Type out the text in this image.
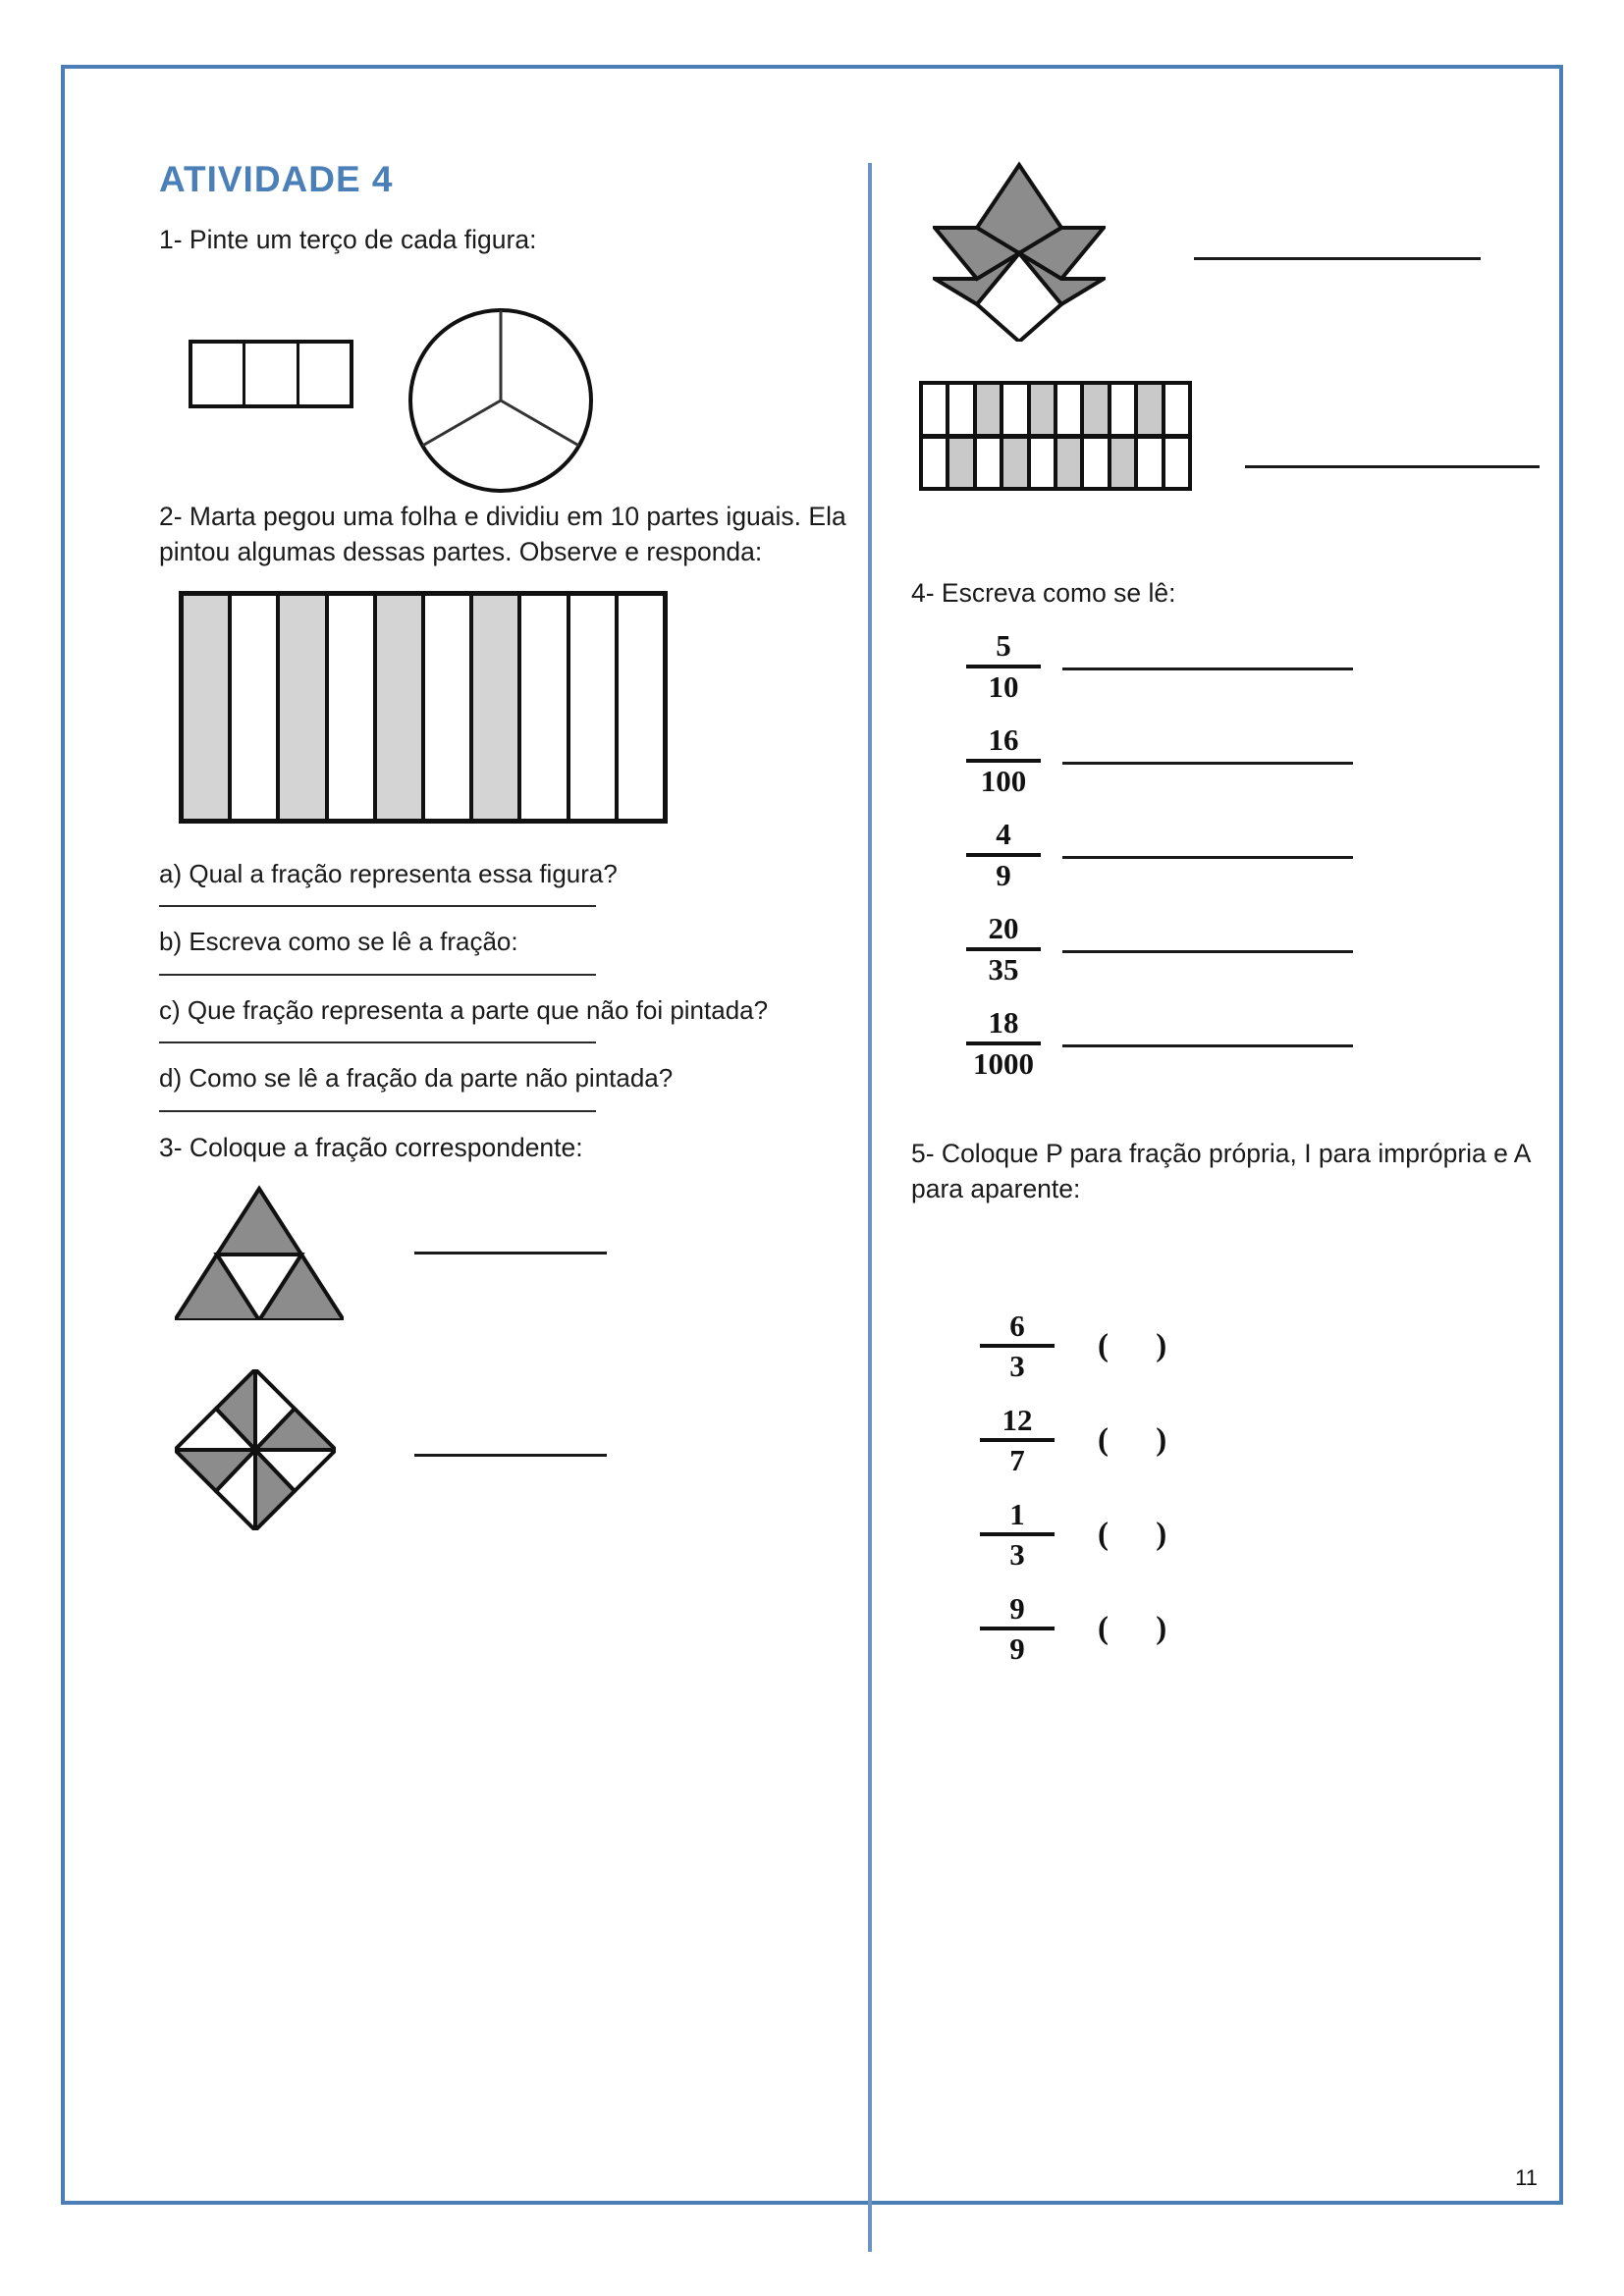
ATIVIDADE 4

1- Pinte um terço de cada figura:

2- Marta pegou uma folha e dividiu em 10 partes iguais. Ela pintou algumas dessas partes. Observe e responda:

a) Qual a fração representa essa figura?

b) Escreva como se lê a fração:

c) Que fração representa a parte que não foi pintada?

d) Como se lê a fração da parte não pintada?

3- Coloque a fração correspondente:

4- Escreva como se lê:

$\frac{5}{10}$
$\frac{16}{100}$
$\frac{4}{9}$
$\frac{20}{35}$
$\frac{18}{1000}$

5- Coloque P para fração própria, I para imprópria e A para aparente:

$\frac{6}{3}$ ( )
$\frac{12}{7}$ ( )
$\frac{1}{3}$ ( )
$\frac{9}{9}$ ( )
11
